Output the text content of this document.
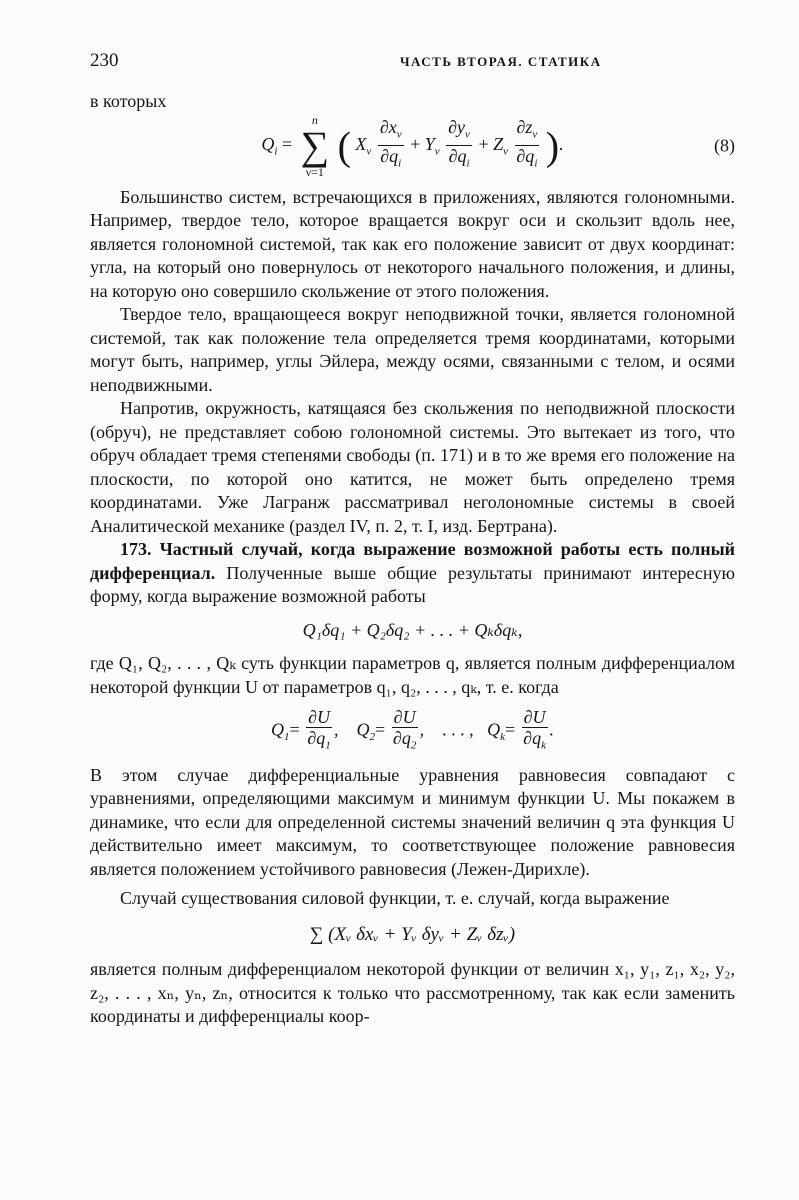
230	ЧАСТЬ ВТОРАЯ. СТАТИКА

в которых

$Q_i$ =
n
∑
ν=1
( $X_\nu \frac{\partial x_\nu}{\partial q_i} + Y_\nu \frac{\partial y_\nu}{\partial q_i} + Z_\nu \frac{\partial z_\nu}{\partial q_i}$ ).	(8)

Большинство систем, встречающихся в приложениях, являются голономными. Например, твердое тело, которое вращается вокруг оси и скользит вдоль нее, является голономной системой, так как его положение зависит от двух координат: угла, на который оно повернулось от некоторого начального положения, и длины, на которую оно совершило скольжение от этого положения.

Твердое тело, вращающееся вокруг неподвижной точки, является голономной системой, так как положение тела определяется тремя координатами, которыми могут быть, например, углы Эйлера, между осями, связанными с телом, и осями неподвижными.

Напротив, окружность, катящаяся без скольжения по неподвижной плоскости (обруч), не представляет собою голономной системы. Это вытекает из того, что обруч обладает тремя степенями свободы (п. 171) и в то же время его положение на плоскости, по которой оно катится, не может быть определено тремя координатами. Уже Лагранж рассматривал неголономные системы в своей Аналитической механике (раздел IV, п. 2, т. I, изд. Бертрана).

173. Частный случай, когда выражение возможной работы есть полный дифференциал. Полученные выше общие результаты принимают интересную форму, когда выражение возможной работы

Q₁δq₁ + Q₂δq₂ + . . . + Qₖδqₖ,

где Q₁, Q₂, . . . , Qₖ суть функции параметров q, является полным дифференциалом некоторой функции U от параметров q₁, q₂, . . . , qₖ, т. е. когда

$Q_1= \frac{\partial U}{\partial q_1}$ ,    $Q_2= \frac{\partial U}{\partial q_2}$ ,    . . . ,   $Q_k= \frac{\partial U}{\partial q_k}$ .

В этом случае дифференциальные уравнения равновесия совпадают с уравнениями, определяющими максимум и минимум функции U. Мы покажем в динамике, что если для определенной системы значений величин q эта функция U действительно имеет максимум, то соответствующее положение равновесия является положением устойчивого равновесия (Лежен-Дирихле).

Случай существования силовой функции, т. е. случай, когда выражение

∑ (Xᵥ δxᵥ + Yᵥ δyᵥ + Zᵥ δzᵥ)

является полным дифференциалом некоторой функции от величин x₁, y₁, z₁, x₂, y₂, z₂, . . . , xₙ, yₙ, zₙ, относится к только что рассмотренному, так как если заменить координаты и дифференциалы коор-
